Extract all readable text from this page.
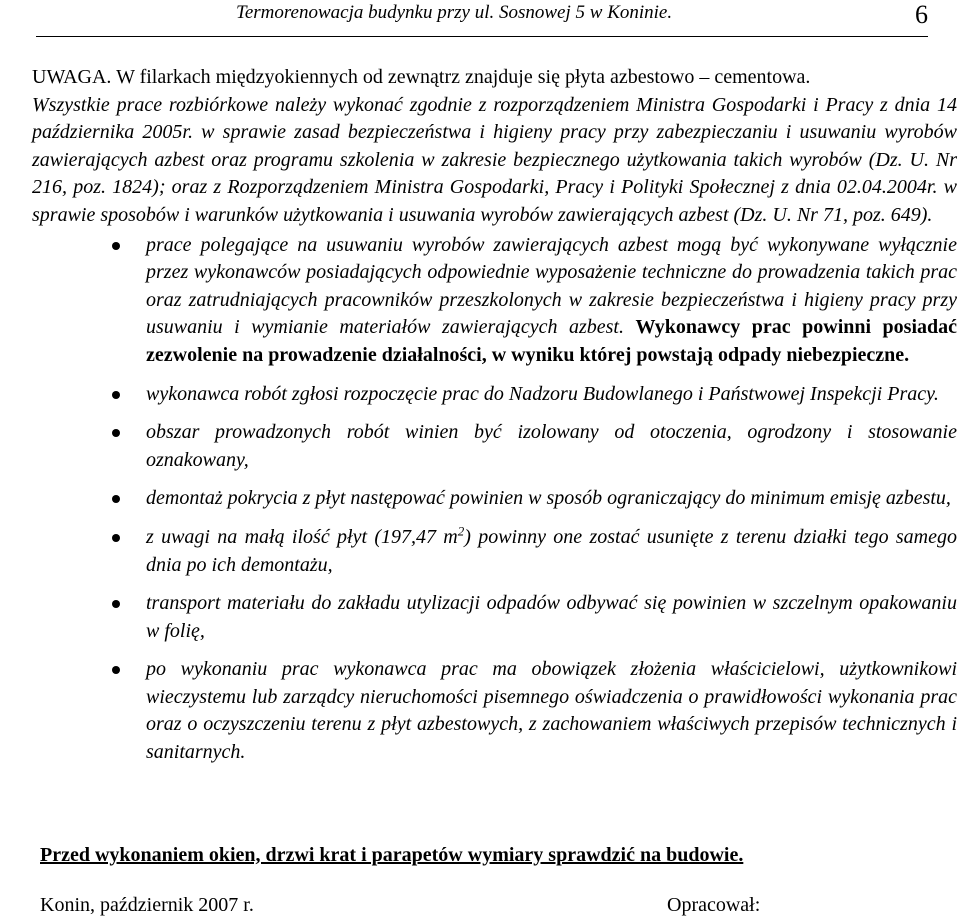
Termorenowacja budynku przy ul. Sosnowej 5 w Koninie.	6
UWAGA. W filarkach międzyokiennych od zewnątrz znajduje się płyta azbestowo – cementowa.
Wszystkie prace rozbiórkowe należy wykonać zgodnie z rozporządzeniem Ministra Gospodarki i Pracy z dnia 14 października 2005r. w sprawie zasad bezpieczeństwa i higieny pracy przy zabezpieczaniu i usuwaniu wyrobów zawierających azbest oraz programu szkolenia w zakresie bezpiecznego użytkowania takich wyrobów (Dz. U. Nr 216, poz. 1824); oraz z Rozporządzeniem Ministra Gospodarki, Pracy i Polityki Społecznej z dnia 02.04.2004r. w sprawie sposobów i warunków użytkowania i usuwania wyrobów zawierających azbest (Dz. U. Nr 71, poz. 649).
prace polegające na usuwaniu wyrobów zawierających azbest mogą być wykonywane wyłącznie przez wykonawców posiadających odpowiednie wyposażenie techniczne do prowadzenia takich prac oraz zatrudniających pracowników przeszkolonych w zakresie bezpieczeństwa i higieny pracy przy usuwaniu i wymianie materiałów zawierających azbest. Wykonawcy prac powinni posiadać zezwolenie na prowadzenie działalności, w wyniku której powstają odpady niebezpieczne.
wykonawca robót zgłosi rozpoczęcie prac do Nadzoru Budowlanego i Państwowej Inspekcji Pracy.
obszar prowadzonych robót winien być izolowany od otoczenia, ogrodzony i stosowanie oznakowany,
demontaż pokrycia z płyt następować powinien w sposób ograniczający do minimum emisję azbestu,
z uwagi na małą ilość płyt (197,47 $m^2$) powinny one zostać usunięte z terenu działki tego samego dnia po ich demontażu,
transport materiału do zakładu utylizacji odpadów odbywać się powinien w szczelnym opakowaniu w folię,
po wykonaniu prac wykonawca prac ma obowiązek złożenia właścicielowi, użytkownikowi wieczystemu lub zarządcy nieruchomości pisemnego oświadczenia o prawidłowości wykonania prac oraz o oczyszczeniu terenu z płyt azbestowych, z zachowaniem właściwych przepisów technicznych i sanitarnych.
Przed wykonaniem okien, drzwi krat i parapetów wymiary sprawdzić na budowie.
Konin, październik 2007 r.	Opracował:
